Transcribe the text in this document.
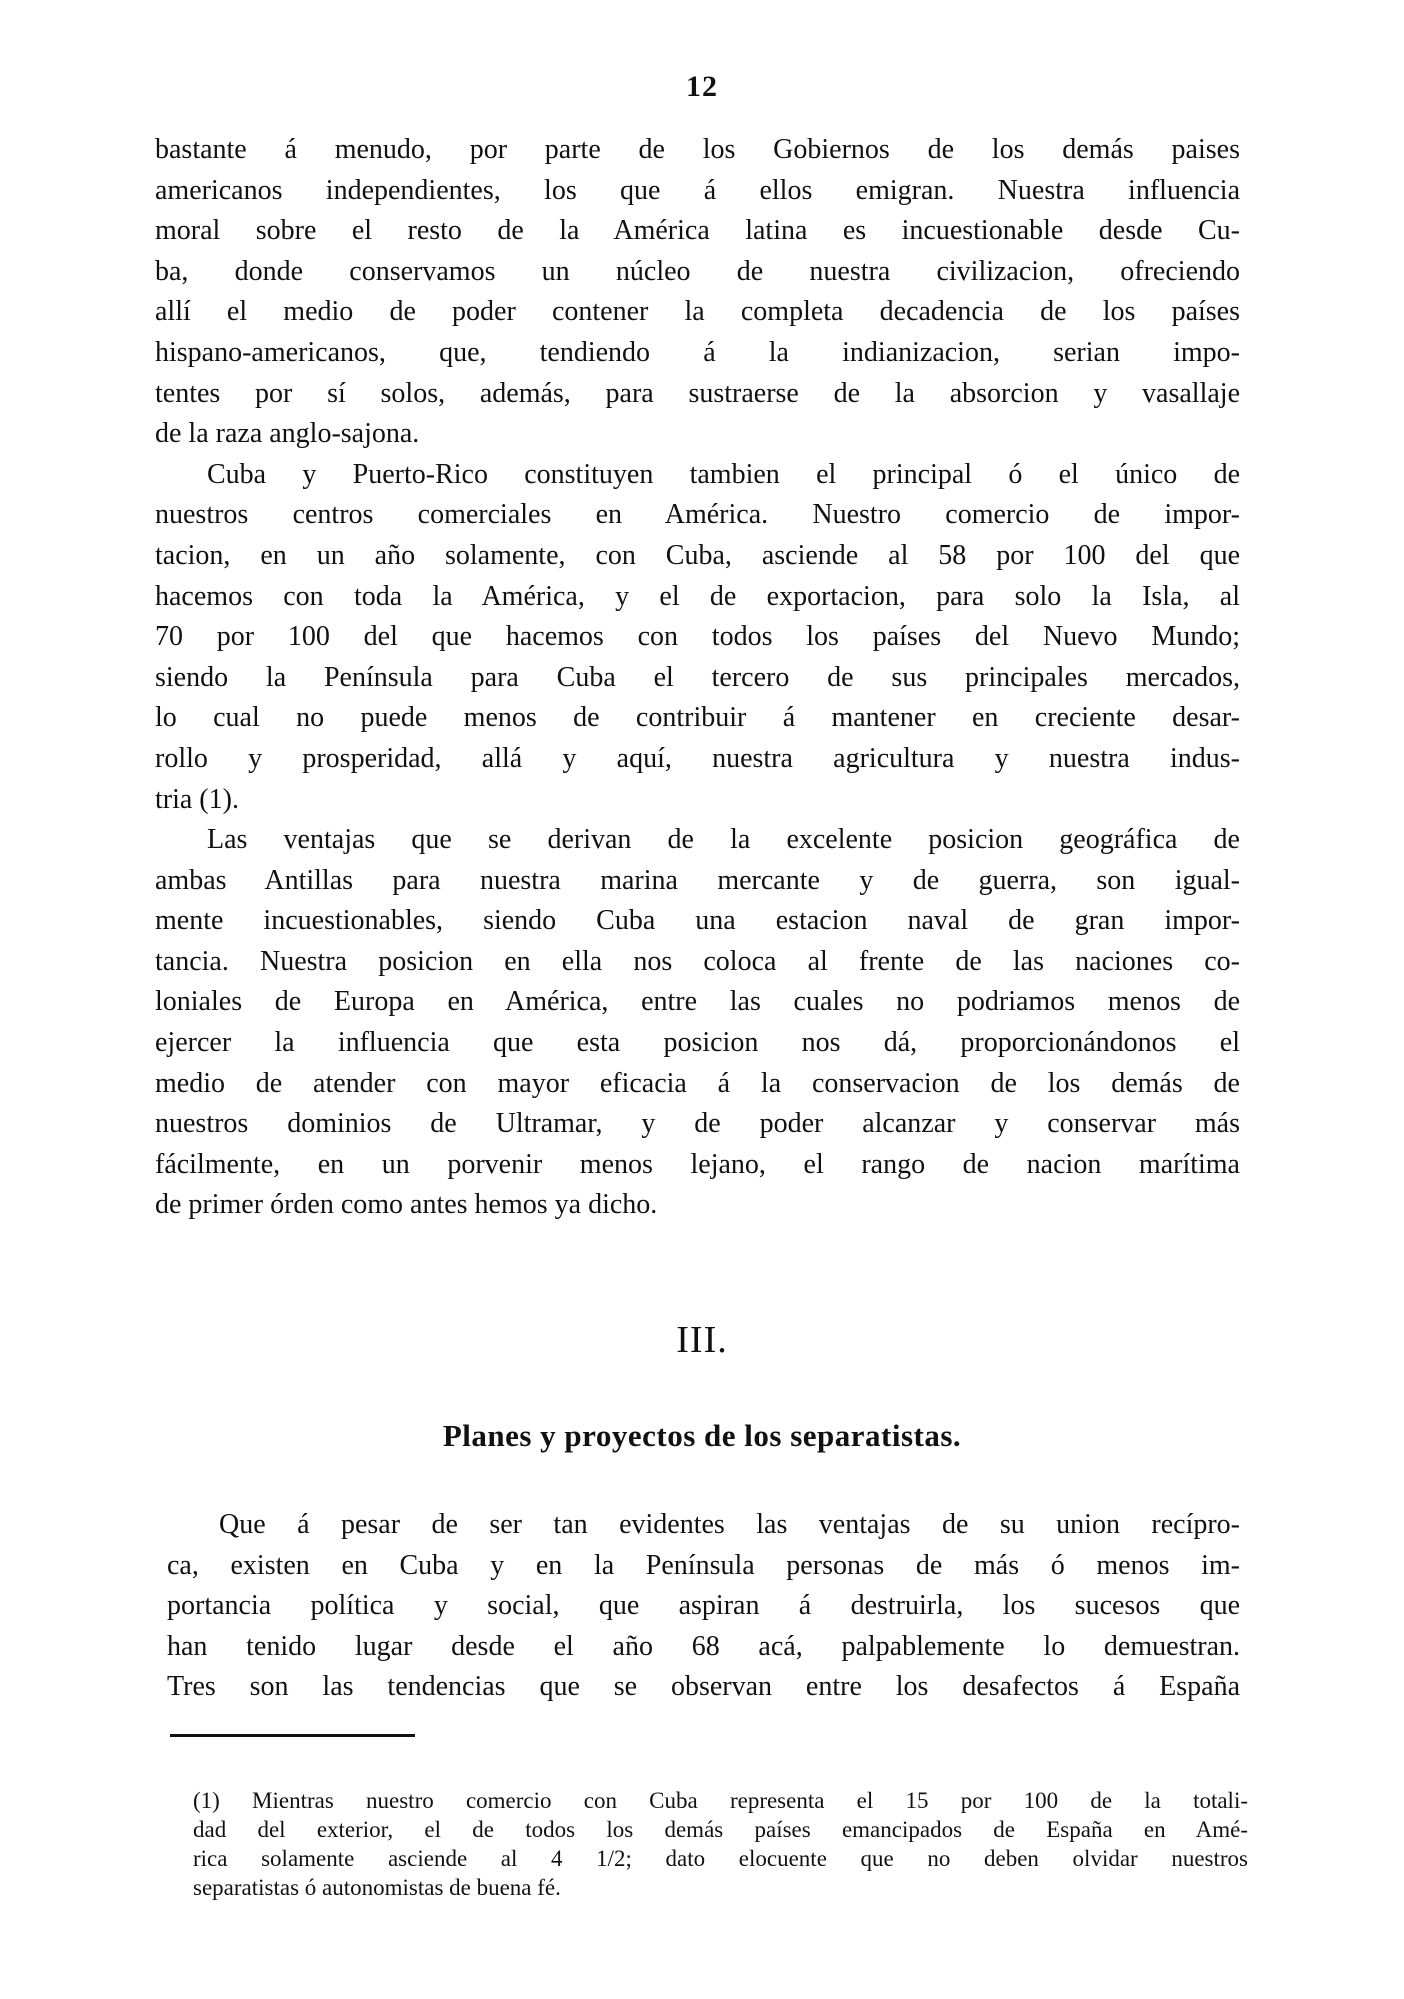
12
bastante á menudo, por parte de los Gobiernos de los demás paises
americanos independientes, los que á ellos emigran. Nuestra influencia
moral sobre el resto de la América latina es incuestionable desde Cu-
ba, donde conservamos un núcleo de nuestra civilizacion, ofreciendo
allí el medio de poder contener la completa decadencia de los países
hispano-americanos, que, tendiendo á la indianizacion, serian impo-
tentes por sí solos, además, para sustraerse de la absorcion y vasallaje
de la raza anglo-sajona.
Cuba y Puerto-Rico constituyen tambien el principal ó el único de
nuestros centros comerciales en América. Nuestro comercio de impor-
tacion, en un año solamente, con Cuba, asciende al 58 por 100 del que
hacemos con toda la América, y el de exportacion, para solo la Isla, al
70 por 100 del que hacemos con todos los países del Nuevo Mundo;
siendo la Península para Cuba el tercero de sus principales mercados,
lo cual no puede menos de contribuir á mantener en creciente desar-
rollo y prosperidad, allá y aquí, nuestra agricultura y nuestra indus-
tria (1).
Las ventajas que se derivan de la excelente posicion geográfica de
ambas Antillas para nuestra marina mercante y de guerra, son igual-
mente incuestionables, siendo Cuba una estacion naval de gran impor-
tancia. Nuestra posicion en ella nos coloca al frente de las naciones co-
loniales de Europa en América, entre las cuales no podriamos menos de
ejercer la influencia que esta posicion nos dá, proporcionándonos el
medio de atender con mayor eficacia á la conservacion de los demás de
nuestros dominios de Ultramar, y de poder alcanzar y conservar más
fácilmente, en un porvenir menos lejano, el rango de nacion marítima
de primer órden como antes hemos ya dicho.
III.
Planes y proyectos de los separatistas.
Que á pesar de ser tan evidentes las ventajas de su union recípro-
ca, existen en Cuba y en la Península personas de más ó menos im-
portancia política y social, que aspiran á destruirla, los sucesos que
han tenido lugar desde el año 68 acá, palpablemente lo demuestran.
Tres son las tendencias que se observan entre los desafectos á España
(1) Mientras nuestro comercio con Cuba representa el 15 por 100 de la totali-
dad del exterior, el de todos los demás países emancipados de España en Amé-
rica solamente asciende al 4 1/2; dato elocuente que no deben olvidar nuestros
separatistas ó autonomistas de buena fé.
